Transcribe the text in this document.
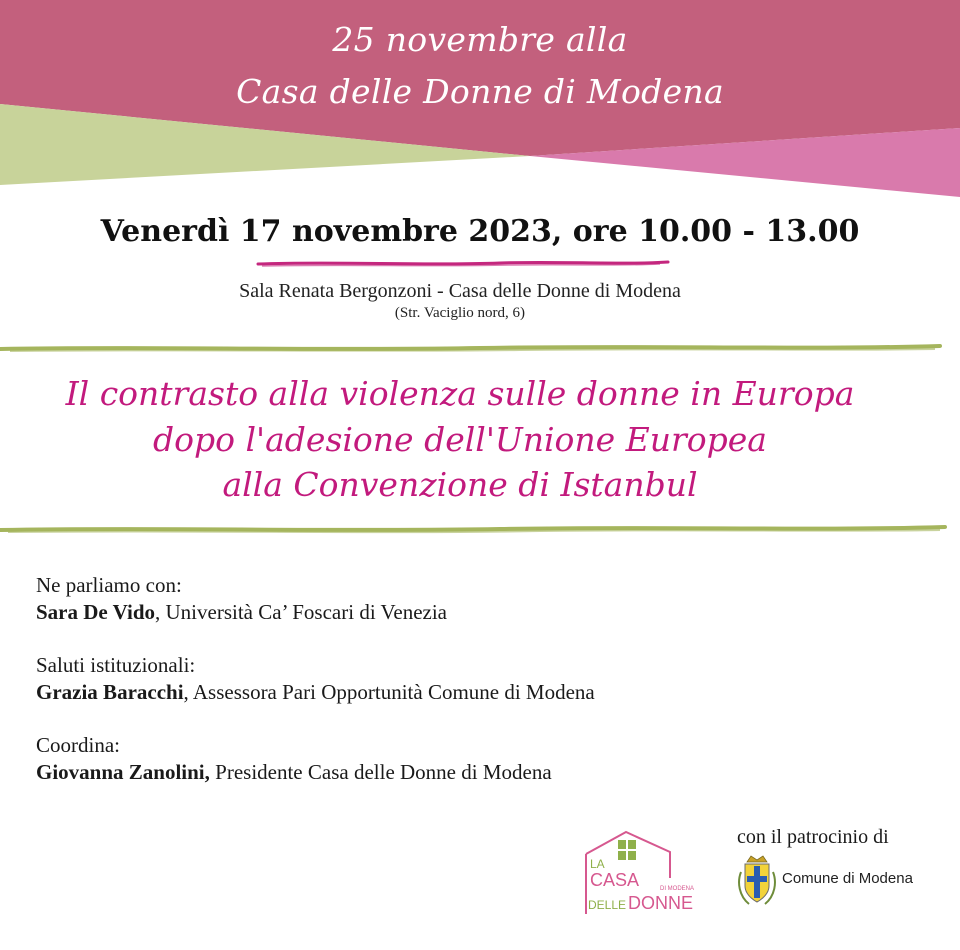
25 novembre alla
Casa delle Donne di Modena
Venerdì 17 novembre 2023, ore 10.00 - 13.00
Sala Renata Bergonzoni - Casa delle Donne di Modena
(Str. Vaciglio nord, 6)
Il contrasto alla violenza sulle donne in Europa
dopo l'adesione dell'Unione Europea
alla Convenzione di Istanbul
Ne parliamo con:
Sara De Vido, Università Ca’ Foscari di Venezia
Saluti istituzionali:
Grazia Baracchi, Assessora Pari Opportunità Comune di Modena
Coordina:
Giovanna Zanolini, Presidente Casa delle Donne di Modena
LA
CASA	DI MODENA
DELLE DONNE
con il patrocinio di
Comune di Modena
